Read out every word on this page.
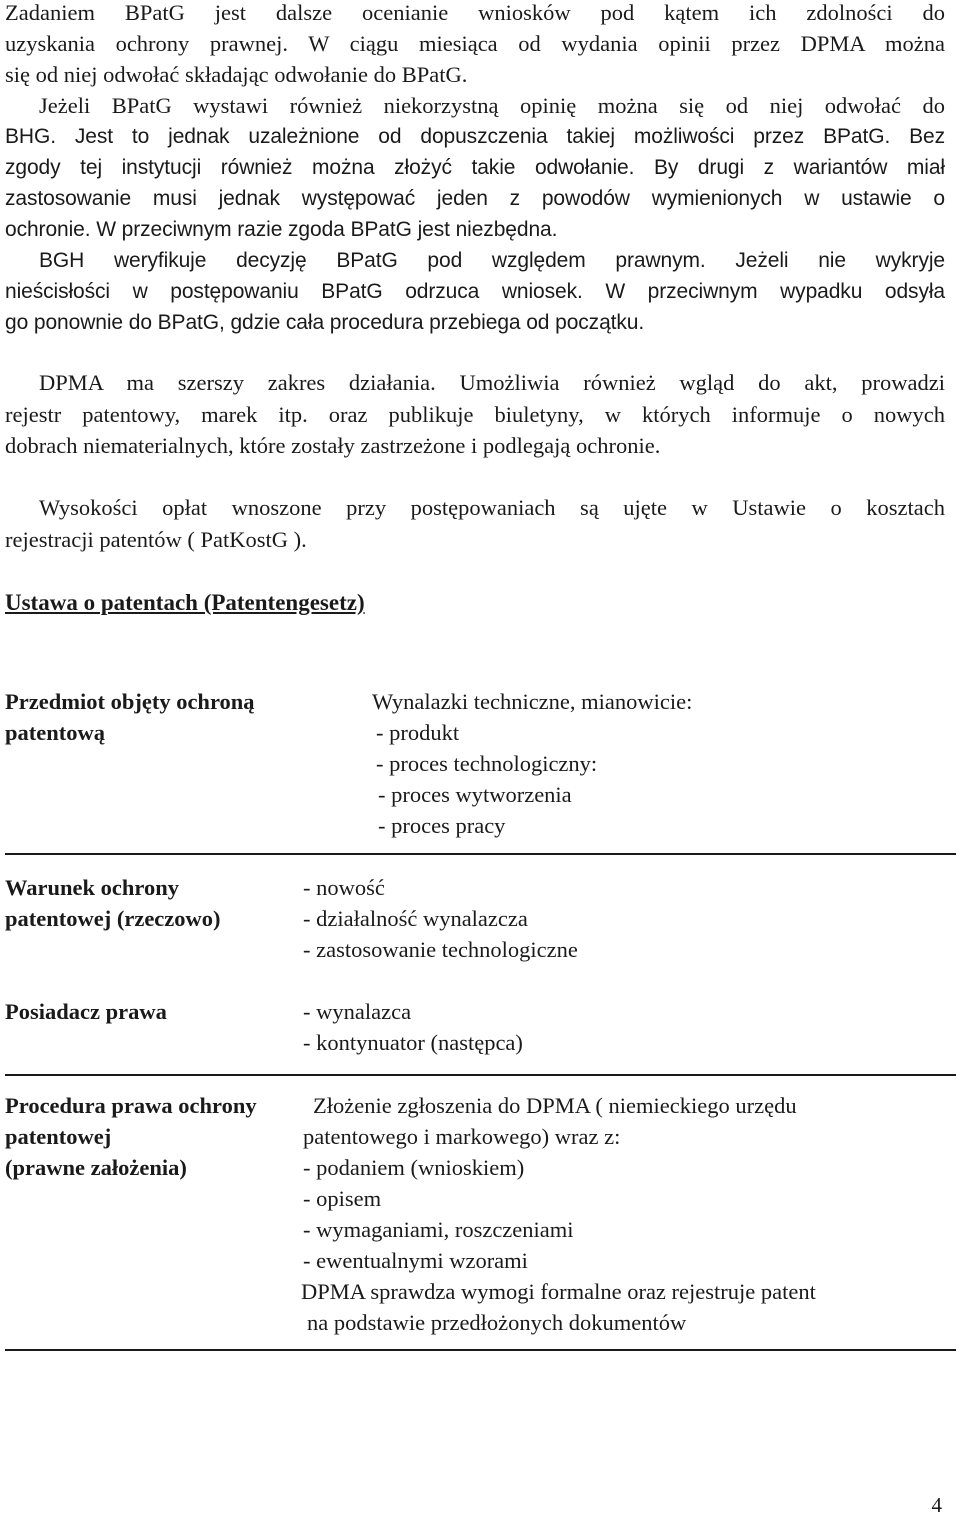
Zadaniem BPatG jest dalsze ocenianie wniosków pod kątem ich zdolności do
uzyskania ochrony prawnej. W ciągu miesiąca od wydania opinii przez DPMA można
się od niej odwołać składając odwołanie do BPatG.
Jeżeli BPatG wystawi również niekorzystną opinię można się od niej odwołać do
BHG. Jest to jednak uzależnione od dopuszczenia takiej możliwości przez BPatG. Bez
zgody tej instytucji również można złożyć takie odwołanie. By drugi z wariantów miał
zastosowanie musi jednak występować jeden z powodów wymienionych w ustawie o
ochronie. W przeciwnym razie zgoda BPatG jest niezbędna.
BGH weryfikuje decyzję BPatG pod względem prawnym. Jeżeli nie wykryje
nieścisłości w postępowaniu BPatG odrzuca wniosek. W przeciwnym wypadku odsyła
go ponownie do BPatG, gdzie cała procedura przebiega od początku.
DPMA ma szerszy zakres działania. Umożliwia również wgląd do akt, prowadzi
rejestr patentowy, marek itp. oraz publikuje biuletyny, w których informuje o nowych
dobrach niematerialnych, które zostały zastrzeżone i podlegają ochronie.
Wysokości opłat wnoszone przy postępowaniach są ujęte w Ustawie o kosztach
rejestracji patentów ( PatKostG ).
Ustawa o patentach (Patentengesetz)
Przedmiot objęty ochroną
patentową
Wynalazki techniczne, mianowicie:
- produkt
- proces technologiczny:
- proces wytworzenia
- proces pracy
Warunek ochrony
patentowej (rzeczowo)
- nowość
- działalność wynalazcza
- zastosowanie technologiczne
Posiadacz prawa	- wynalazca
- kontynuator (następca)
Procedura prawa ochrony
patentowej
(prawne założenia)
Złożenie zgłoszenia do DPMA ( niemieckiego urzędu
patentowego i markowego) wraz z:
- podaniem (wnioskiem)
- opisem
- wymaganiami, roszczeniami
- ewentualnymi wzorami
DPMA sprawdza wymogi formalne oraz rejestruje patent
na podstawie przedłożonych dokumentów
4
